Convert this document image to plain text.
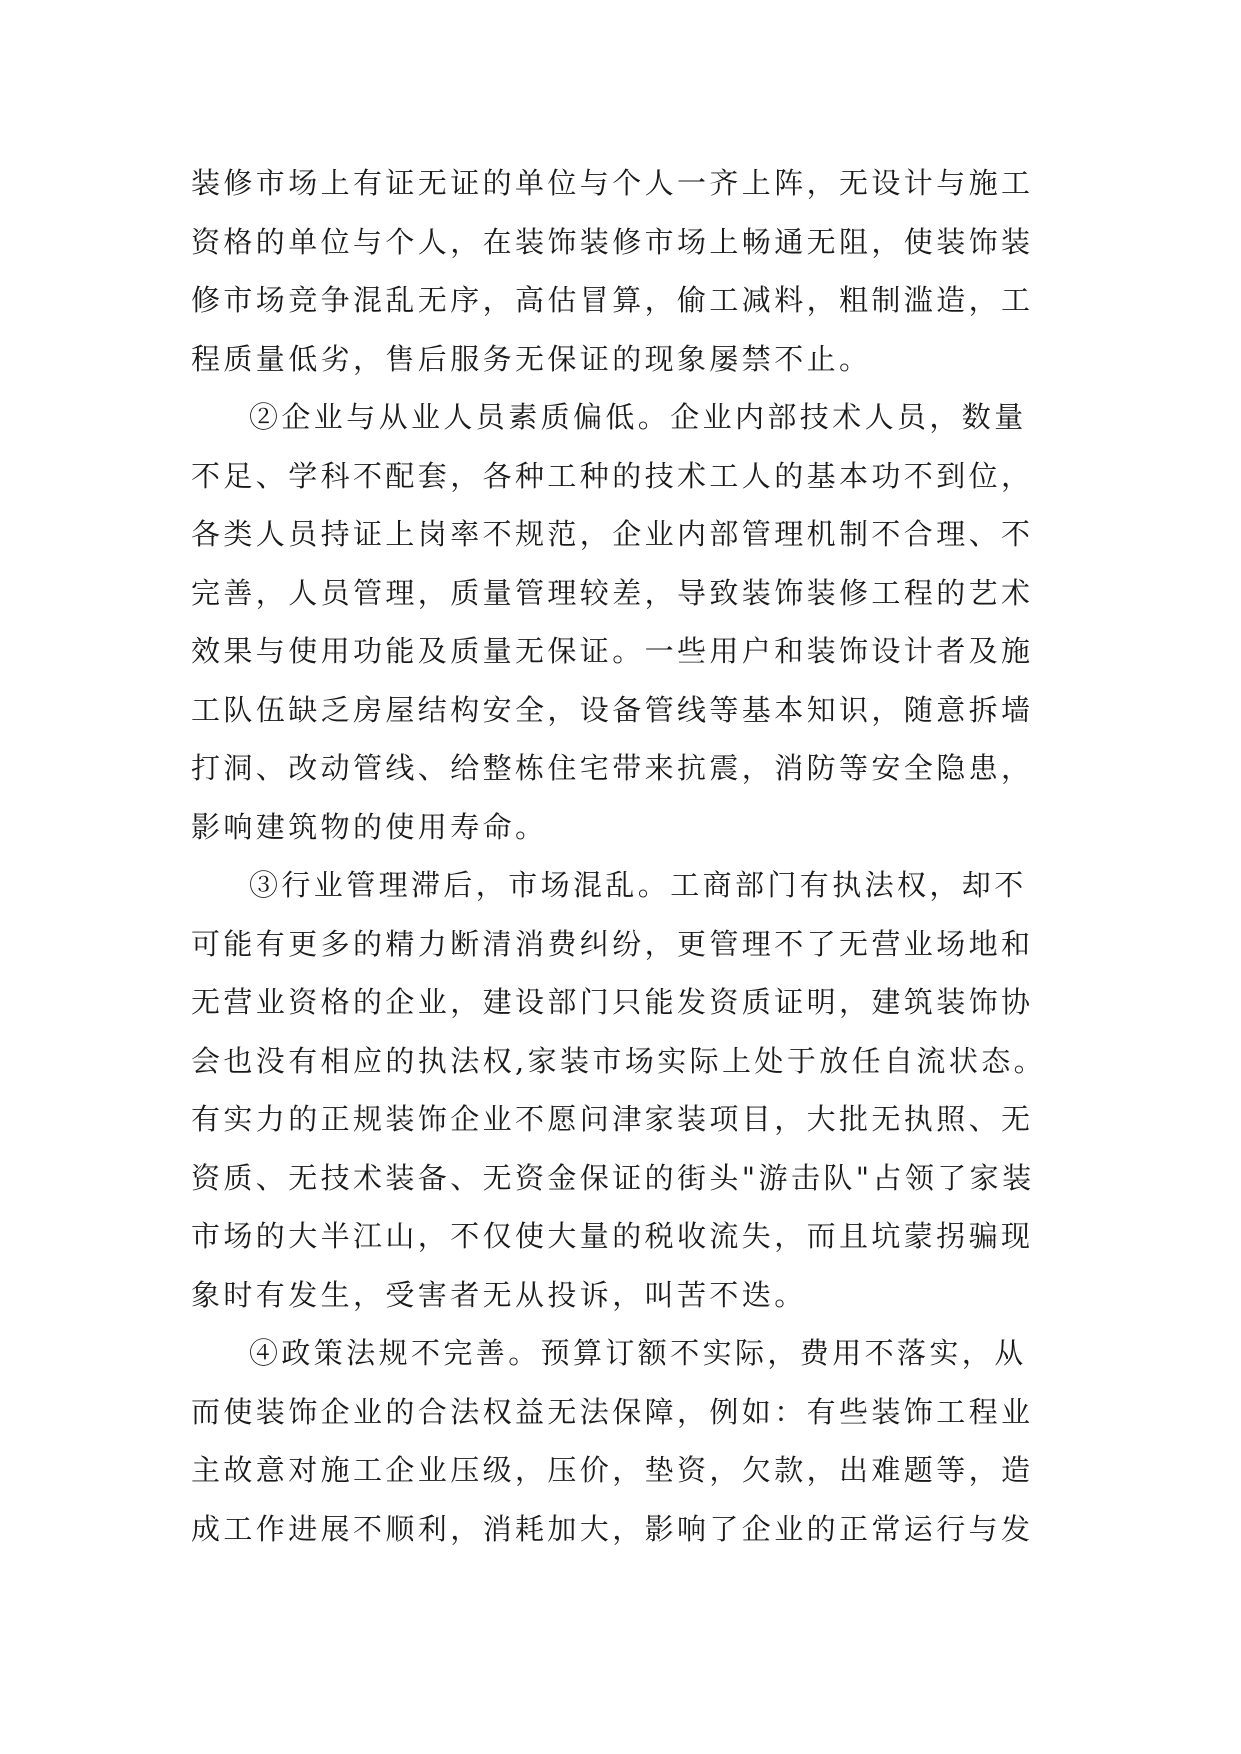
装修市场上有证无证的单位与个人一齐上阵，无设计与施工
资格的单位与个人，在装饰装修市场上畅通无阻，使装饰装
修市场竞争混乱无序，高估冒算，偷工减料，粗制滥造，工
程质量低劣，售后服务无保证的现象屡禁不止。
②企业与从业人员素质偏低。企业内部技术人员，数量
不足、学科不配套，各种工种的技术工人的基本功不到位，
各类人员持证上岗率不规范，企业内部管理机制不合理、不
完善，人员管理，质量管理较差，导致装饰装修工程的艺术
效果与使用功能及质量无保证。一些用户和装饰设计者及施
工队伍缺乏房屋结构安全，设备管线等基本知识，随意拆墙
打洞、改动管线、给整栋住宅带来抗震，消防等安全隐患，
影响建筑物的使用寿命。
③行业管理滞后，市场混乱。工商部门有执法权，却不
可能有更多的精力断清消费纠纷，更管理不了无营业场地和
无营业资格的企业，建设部门只能发资质证明，建筑装饰协
会也没有相应的执法权,家装市场实际上处于放任自流状态。
有实力的正规装饰企业不愿问津家装项目，大批无执照、无
资质、无技术装备、无资金保证的街头"游击队"占领了家装
市场的大半江山，不仅使大量的税收流失，而且坑蒙拐骗现
象时有发生，受害者无从投诉，叫苦不迭。
④政策法规不完善。预算订额不实际，费用不落实，从
而使装饰企业的合法权益无法保障，例如：有些装饰工程业
主故意对施工企业压级，压价，垫资，欠款，出难题等，造
成工作进展不顺利，消耗加大，影响了企业的正常运行与发
